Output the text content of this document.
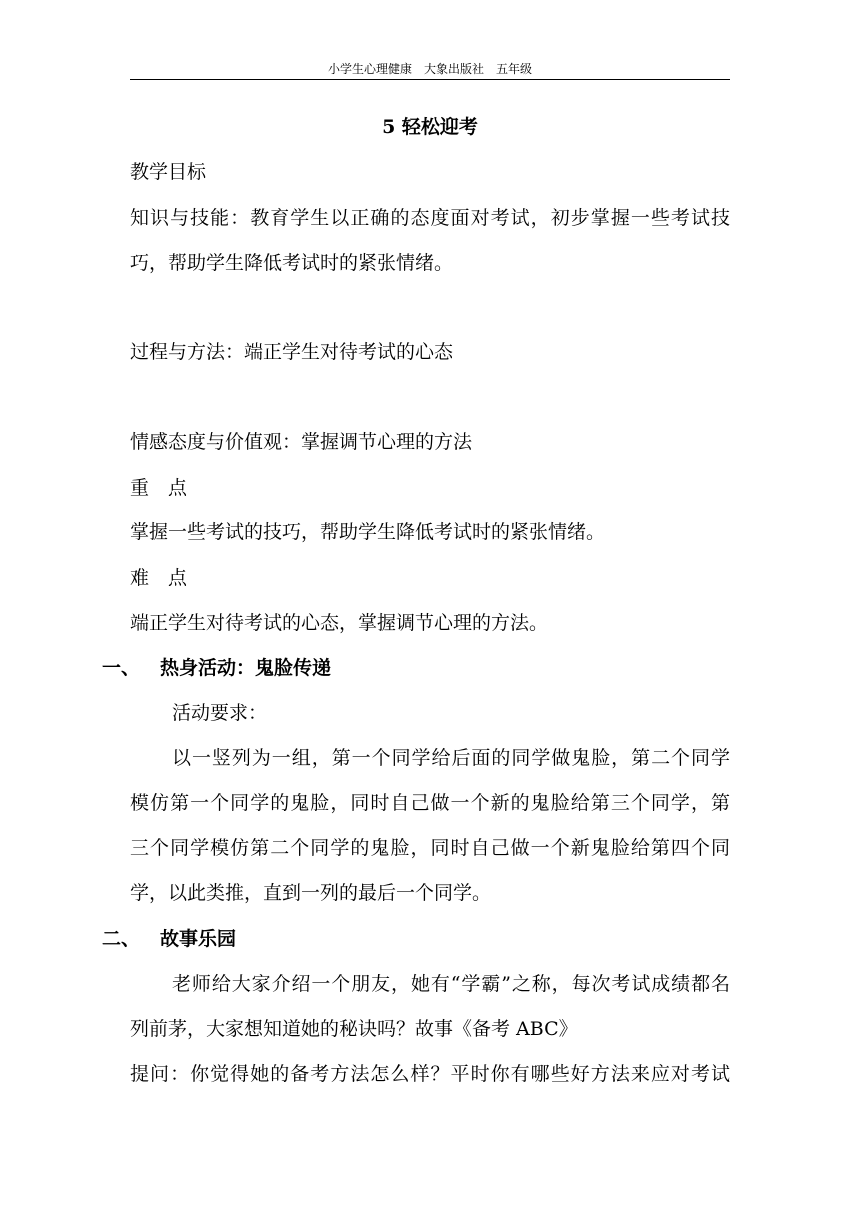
小学生心理健康　大象出版社　五年级
5 轻松迎考
教学目标
知识与技能：教育学生以正确的态度面对考试，初步掌握一些考试技
巧，帮助学生降低考试时的紧张情绪。
过程与方法：端正学生对待考试的心态
情感态度与价值观：掌握调节心理的方法
重　点
掌握一些考试的技巧，帮助学生降低考试时的紧张情绪。
难　点
端正学生对待考试的心态，掌握调节心理的方法。
一、 热身活动：鬼脸传递
活动要求：
以一竖列为一组，第一个同学给后面的同学做鬼脸，第二个同学
模仿第一个同学的鬼脸，同时自己做一个新的鬼脸给第三个同学，第
三个同学模仿第二个同学的鬼脸，同时自己做一个新鬼脸给第四个同
学，以此类推，直到一列的最后一个同学。
二、 故事乐园
老师给大家介绍一个朋友，她有“学霸”之称，每次考试成绩都名
列前茅，大家想知道她的秘诀吗？故事《备考 ABC》
提问：你觉得她的备考方法怎么样？平时你有哪些好方法来应对考试
